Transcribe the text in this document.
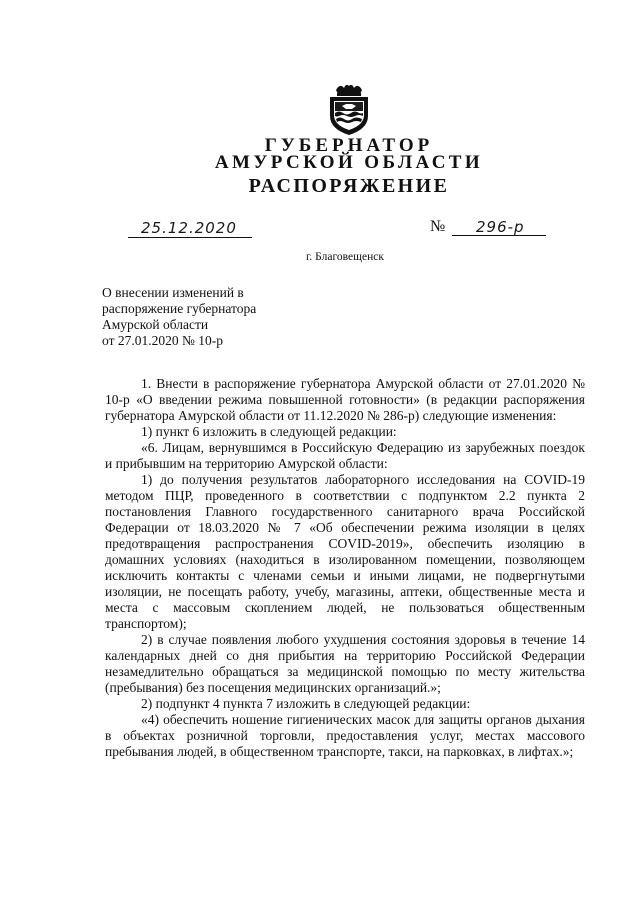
ГУБЕРНАТОР
АМУРСКОЙ ОБЛАСТИ
РАСПОРЯЖЕНИЕ
25.12.2020	№ 296-р
г. Благовещенск
О внесении изменений в
распоряжение губернатора
Амурской области
от 27.01.2020 № 10-р

1. Внести в распоряжение губернатора Амурской области от 27.01.2020 № 10-р «О введении режима повышенной готовности» (в редакции распоряжения губернатора Амурской области от 11.12.2020 № 286-р) следующие изменения:

1) пункт 6 изложить в следующей редакции:

«6. Лицам, вернувшимся в Российскую Федерацию из зарубежных поездок и прибывшим на территорию Амурской области:

1) до получения результатов лабораторного исследования на COVID-19 методом ПЦР, проведенного в соответствии с подпунктом 2.2 пункта 2 постановления Главного государственного санитарного врача Российской Федерации от 18.03.2020 № 7 «Об обеспечении режима изоляции в целях предотвращения распространения COVID-2019», обеспечить изоляцию в домашних условиях (находиться в изолированном помещении, позволяющем исключить контакты с членами семьи и иными лицами, не подвергнутыми изоляции, не посещать работу, учебу, магазины, аптеки, общественные места и места с массовым скоплением людей, не пользоваться общественным транспортом);

2) в случае появления любого ухудшения состояния здоровья в течение 14 календарных дней со дня прибытия на территорию Российской Федерации незамедлительно обращаться за медицинской помощью по месту жительства (пребывания) без посещения медицинских организаций.»;

2) подпункт 4 пункта 7 изложить в следующей редакции:

«4) обеспечить ношение гигиенических масок для защиты органов дыхания в объектах розничной торговли, предоставления услуг, местах массового пребывания людей, в общественном транспорте, такси, на парковках, в лифтах.»;
